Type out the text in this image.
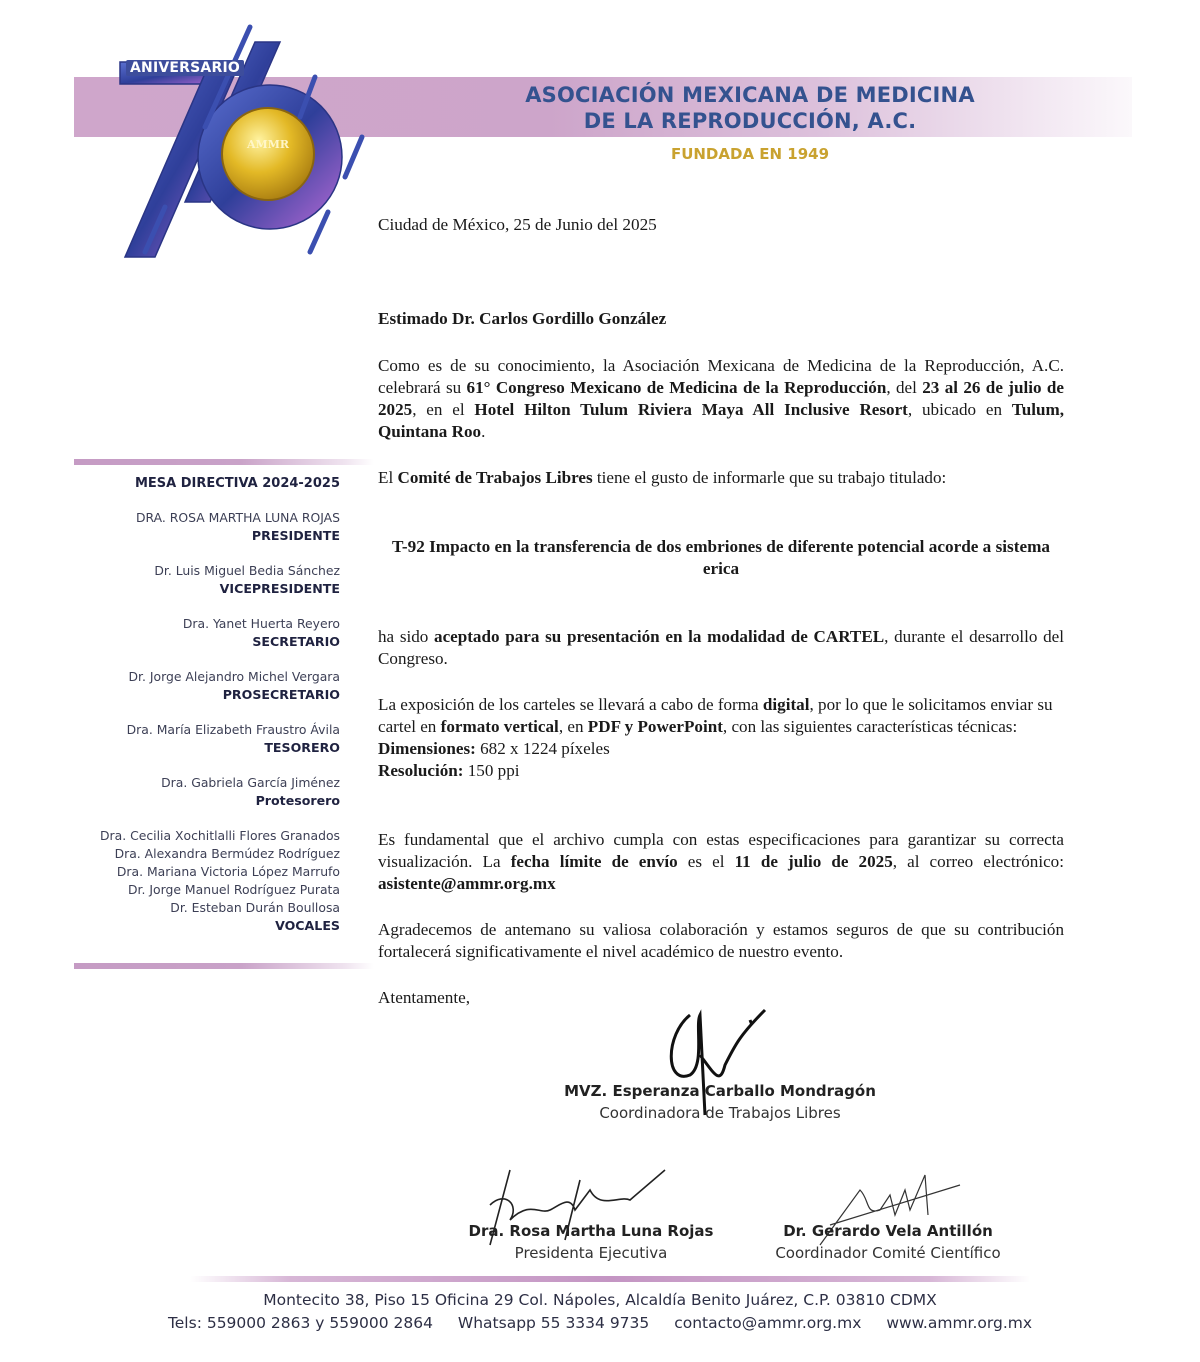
AMMR
ANIVERSARIO
ASOCIACIÓN MEXICANA DE MEDICINA
DE LA REPRODUCCIÓN, A.C.
FUNDADA EN 1949
MESA DIRECTIVA 2024-2025
DRA. ROSA MARTHA LUNA ROJAS
PRESIDENTE
Dr. Luis Miguel Bedia Sánchez
VICEPRESIDENTE
Dra. Yanet Huerta Reyero
SECRETARIO
Dr. Jorge Alejandro Michel Vergara
PROSECRETARIO
Dra. María Elizabeth Fraustro Ávila
TESORERO
Dra. Gabriela García Jiménez
Protesorero
Dra. Cecilia Xochitlalli Flores Granados
Dra. Alexandra Bermúdez Rodríguez
Dra. Mariana Victoria López Marrufo
Dr. Jorge Manuel Rodríguez Purata
Dr. Esteban Durán Boullosa
VOCALES
Ciudad de México, 25 de Junio del 2025
Estimado Dr. Carlos Gordillo González

Como es de su conocimiento, la Asociación Mexicana de Medicina de la Reproducción, A.C. celebrará su 61° Congreso Mexicano de Medicina de la Reproducción, del 23 al 26 de julio de 2025, en el Hotel Hilton Tulum Riviera Maya All Inclusive Resort, ubicado en Tulum, Quintana Roo.

El Comité de Trabajos Libres tiene el gusto de informarle que su trabajo titulado:

T-92 Impacto en la transferencia de dos embriones de diferente potencial acorde a sistema erica

ha sido aceptado para su presentación en la modalidad de CARTEL, durante el desarrollo del Congreso.

La exposición de los carteles se llevará a cabo de forma digital, por lo que le solicitamos enviar su cartel en formato vertical, en PDF y PowerPoint, con las siguientes características técnicas:

Dimensiones: 682 x 1224 píxeles
Resolución: 150 ppi

Es fundamental que el archivo cumpla con estas especificaciones para garantizar su correcta visualización. La fecha límite de envío es el 11 de julio de 2025, al correo electrónico: asistente@ammr.org.mx

Agradecemos de antemano su valiosa colaboración y estamos seguros de que su contribución fortalecerá significativamente el nivel académico de nuestro evento.

Atentamente,
MVZ. Esperanza Carballo Mondragón
Coordinadora de Trabajos Libres
Dra. Rosa Martha Luna Rojas
Presidenta Ejecutiva
Dr. Gerardo Vela Antillón
Coordinador Comité Científico
Montecito 38, Piso 15 Oficina 29 Col. Nápoles, Alcaldía Benito Juárez, C.P. 03810 CDMX
Tels: 559000 2863 y 559000 2864 Whatsapp 55 3334 9735 contacto@ammr.org.mx www.ammr.org.mx
